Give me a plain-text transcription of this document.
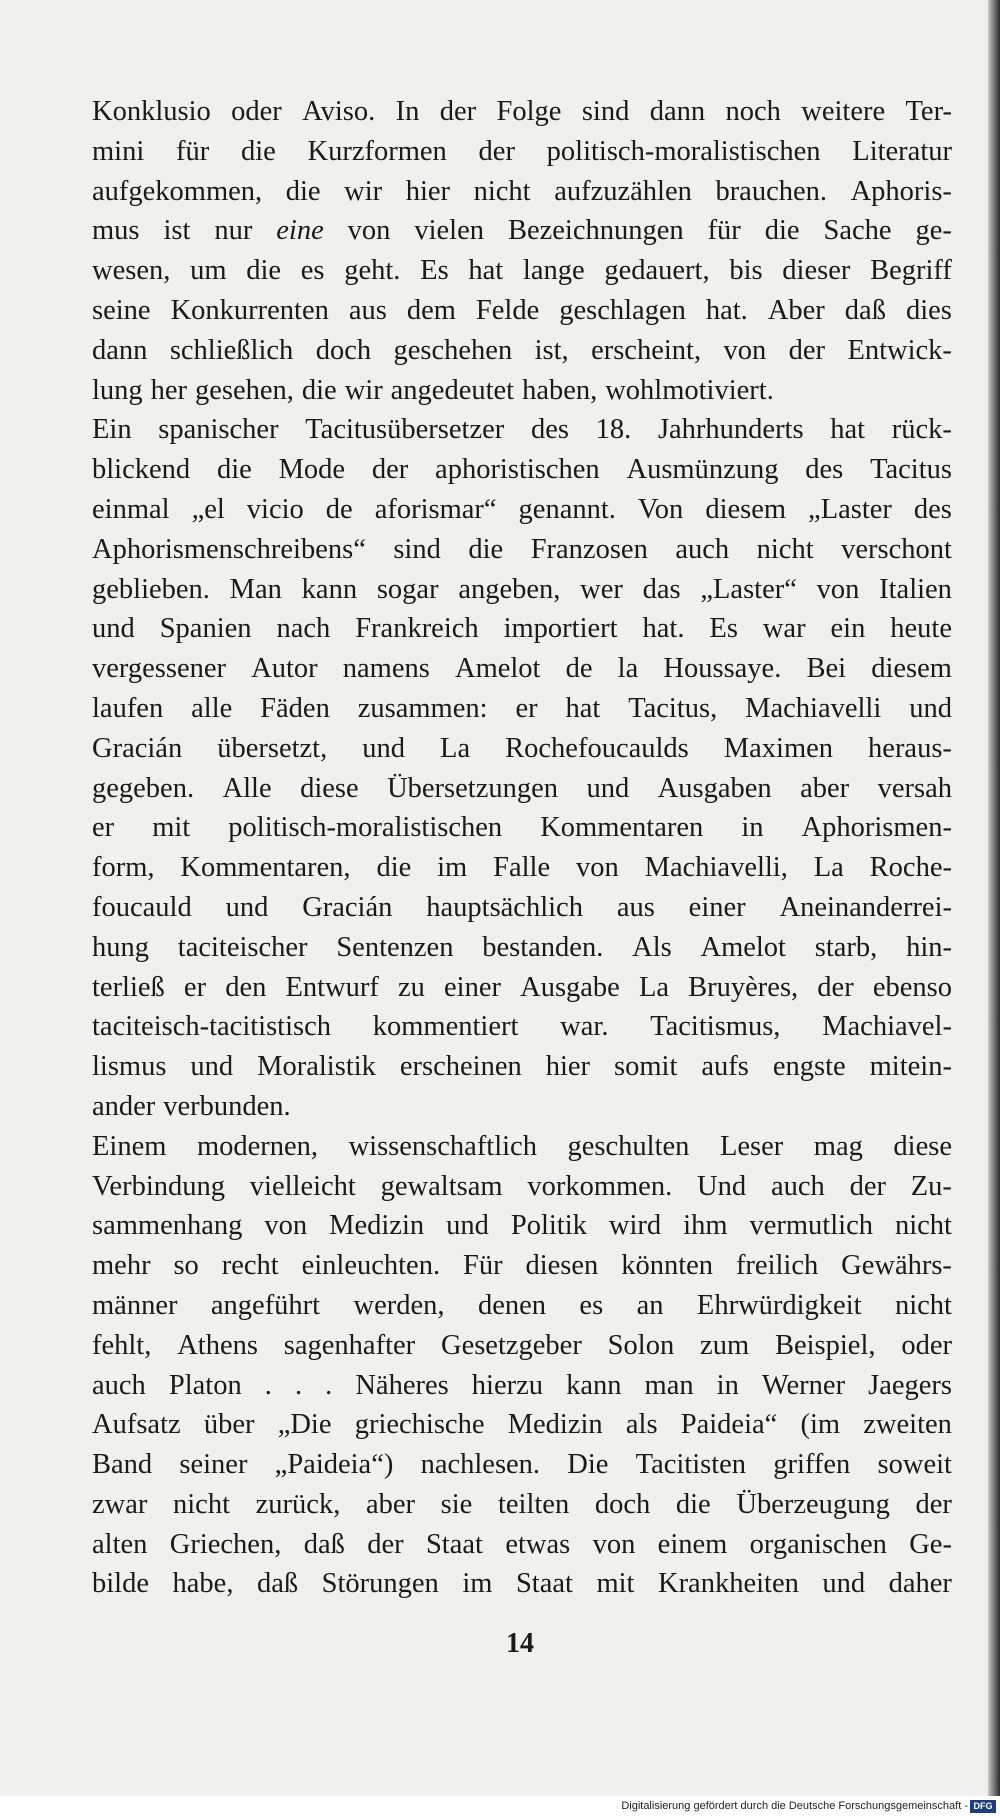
Konklusio oder Aviso. In der Folge sind dann noch weitere Ter-
mini für die Kurzformen der politisch-moralistischen Literatur
aufgekommen, die wir hier nicht aufzuzählen brauchen. Aphoris-
mus ist nur eine von vielen Bezeichnungen für die Sache ge-
wesen, um die es geht. Es hat lange gedauert, bis dieser Begriff
seine Konkurrenten aus dem Felde geschlagen hat. Aber daß dies
dann schließlich doch geschehen ist, erscheint, von der Entwick-
lung her gesehen, die wir angedeutet haben, wohlmotiviert.
Ein spanischer Tacitusübersetzer des 18. Jahrhunderts hat rück-
blickend die Mode der aphoristischen Ausmünzung des Tacitus
einmal „el vicio de aforismar“ genannt. Von diesem „Laster des
Aphorismenschreibens“ sind die Franzosen auch nicht verschont
geblieben. Man kann sogar angeben, wer das „Laster“ von Italien
und Spanien nach Frankreich importiert hat. Es war ein heute
vergessener Autor namens Amelot de la Houssaye. Bei diesem
laufen alle Fäden zusammen: er hat Tacitus, Machiavelli und
Gracián übersetzt, und La Rochefoucaulds Maximen heraus-
gegeben. Alle diese Übersetzungen und Ausgaben aber versah
er mit politisch-moralistischen Kommentaren in Aphorismen-
form, Kommentaren, die im Falle von Machiavelli, La Roche-
foucauld und Gracián hauptsächlich aus einer Aneinanderrei-
hung taciteischer Sentenzen bestanden. Als Amelot starb, hin-
terließ er den Entwurf zu einer Ausgabe La Bruyères, der ebenso
taciteisch-tacitistisch kommentiert war. Tacitismus, Machiavel-
lismus und Moralistik erscheinen hier somit aufs engste mitein-
ander verbunden.
Einem modernen, wissenschaftlich geschulten Leser mag diese
Verbindung vielleicht gewaltsam vorkommen. Und auch der Zu-
sammenhang von Medizin und Politik wird ihm vermutlich nicht
mehr so recht einleuchten. Für diesen könnten freilich Gewährs-
männer angeführt werden, denen es an Ehrwürdigkeit nicht
fehlt, Athens sagenhafter Gesetzgeber Solon zum Beispiel, oder
auch Platon . . . Näheres hierzu kann man in Werner Jaegers
Aufsatz über „Die griechische Medizin als Paideia“ (im zweiten
Band seiner „Paideia“) nachlesen. Die Tacitisten griffen soweit
zwar nicht zurück, aber sie teilten doch die Überzeugung der
alten Griechen, daß der Staat etwas von einem organischen Ge-
bilde habe, daß Störungen im Staat mit Krankheiten und daher
14
Digitalisierung gefördert durch die Deutsche Forschungsgemeinschaft - DFG
